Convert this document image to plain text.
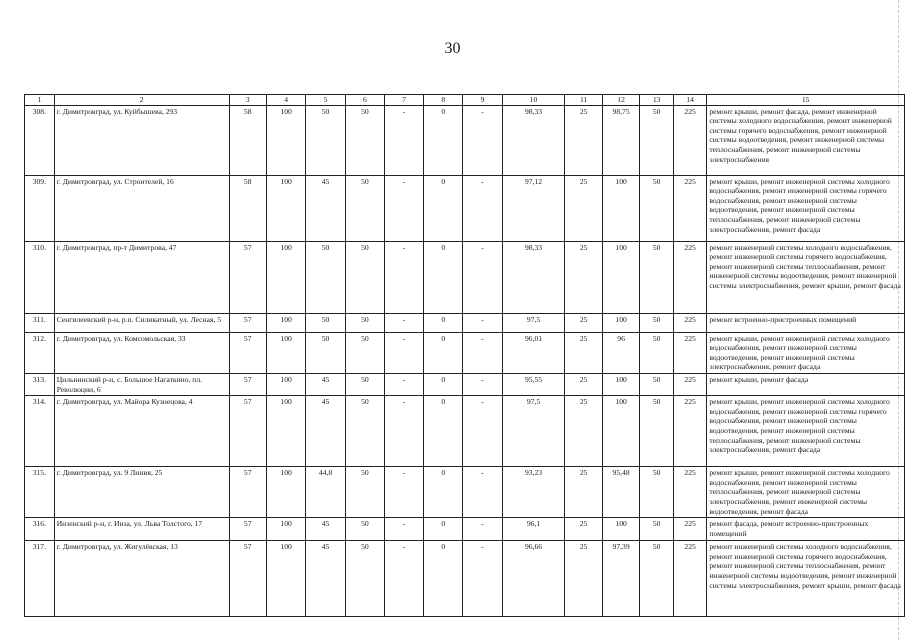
30
1	2	3	4	5	6	7	8	9	10	11	12	13	14	15
308.	г. Димитровград, ул. Куйбышева, 293	58	100	50	50	-	0	-	98,33	25	98,75	50	225	ремонт крыши, ремонт фасада, ремонт инженерной системы холодного водоснабжения, ремонт инженерной системы горячего водоснабжения, ремонт инженерной системы водоотведения, ремонт инженерной системы теплоснабжения, ремонт инженерной системы электроснабжения
309.	г. Димитровград, ул. Строителей, 16	58	100	45	50	-	0	-	97,12	25	100	50	225	ремонт крыши, ремонт инженерной системы холодного водоснабжения, ремонт инженерной системы горячего водоснабжения, ремонт инженерной системы водоотведения, ремонт инженерной системы теплоснабжения, ремонт инженерной системы электроснабжения, ремонт фасада
310.	г. Димитровград, пр-т Димитрова, 47	57	100	50	50	-	0	-	98,33	25	100	50	225	ремонт инженерной системы холодного водоснабжения, ремонт инженерной системы горячего водоснабжения, ремонт инженерной системы теплоснабжения, ремонт инженерной системы водоотведения, ремонт инженерной системы электроснабжения, ремонт крыши, ремонт фасада
311.	Сенгилеевский р-н, р.п. Силикатный, ул. Лесная, 5	57	100	50	50	-	0	-	97,5	25	100	50	225	ремонт встроенно-пристроенных помещений
312.	г. Димитровград, ул. Комсомольская, 33	57	100	50	50	-	0	-	96,01	25	96	50	225	ремонт крыши, ремонт инженерной системы холодного водоснабжения, ремонт инженерной системы водоотведения, ремонт инженерной системы электроснабжения, ремонт фасада
313.	Цильнинский р-н, с. Большое Нагаткино, пл. Революции, 6	57	100	45	50	-	0	-	95,55	25	100	50	225	ремонт крыши, ремонт фасада
314.	г. Димитровград, ул. Майора Кузнецова, 4	57	100	45	50	-	0	-	97,5	25	100	50	225	ремонт крыши, ремонт инженерной системы холодного водоснабжения, ремонт инженерной системы горячего водоснабжения, ремонт инженерной системы водоотведения, ремонт инженерной системы теплоснабжения, ремонт инженерной системы электроснабжения, ремонт фасада
315.	г. Димитровград, ул. 9 Линия, 25	57	100	44,8	50	-	0	-	93,23	25	95,48	50	225	ремонт крыши, ремонт инженерной системы холодного водоснабжения, ремонт инженерной системы теплоснабжения, ремонт инженерной системы электроснабжения, ремонт инженерной системы водоотведения, ремонт фасада
316.	Инзенский р-н, г. Инза, ул. Льва Толстого, 17	57	100	45	50	-	0	-	96,1	25	100	50	225	ремонт фасада, ремонт встроенно-пристроенных помещений
317.	г. Димитровград, ул. Жигулёвская, 13	57	100	45	50	-	0	-	96,66	25	97,39	50	225	ремонт инженерной системы холодного водоснабжения, ремонт инженерной системы горячего водоснабжения, ремонт инженерной системы теплоснабжения, ремонт инженерной системы водоотведения, ремонт инженерной системы электроснабжения, ремонт крыши, ремонт фасада
